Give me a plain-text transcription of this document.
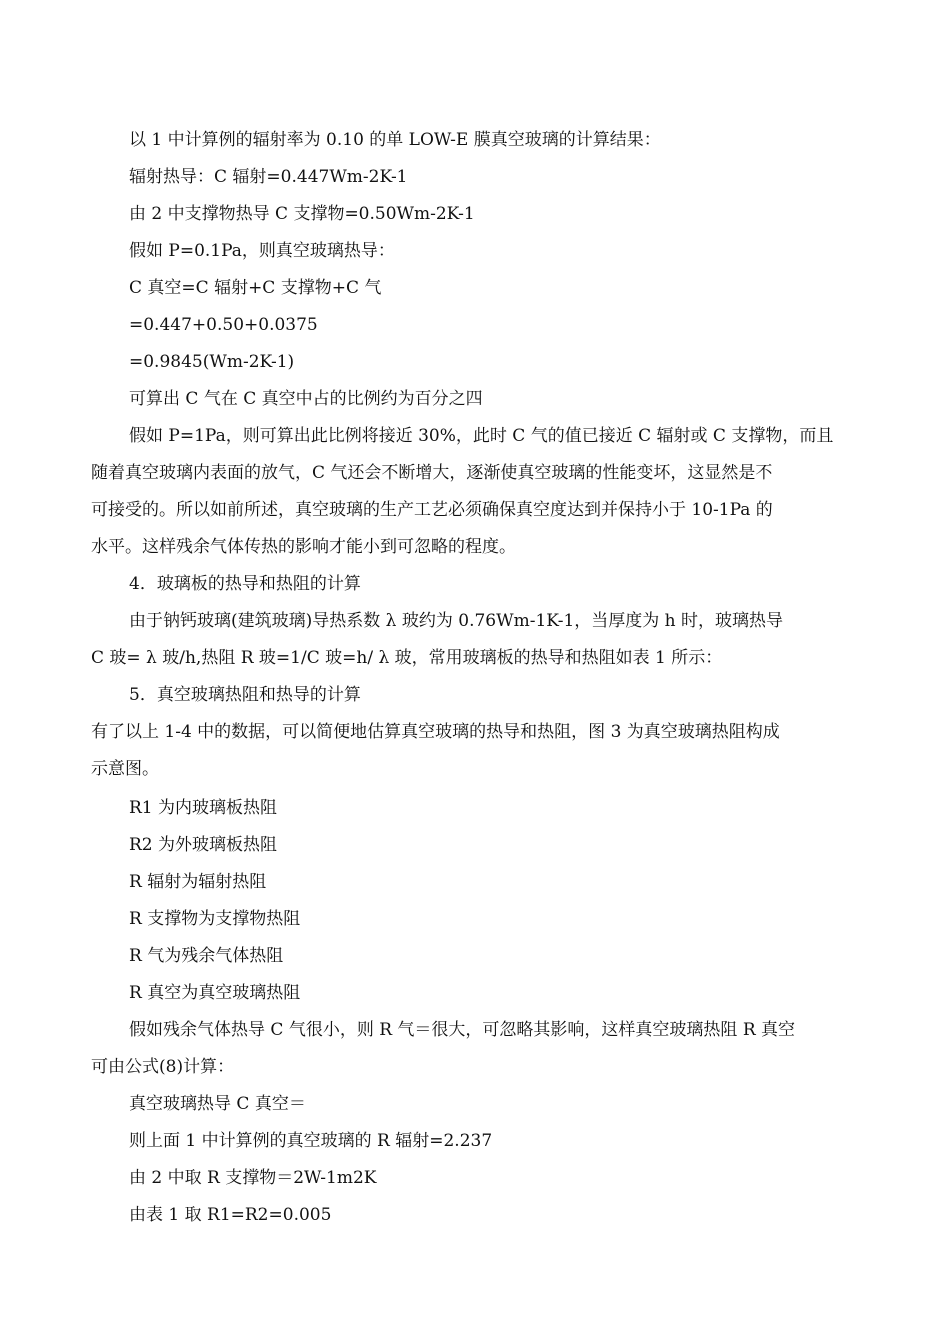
以 1 中计算例的辐射率为 0.10 的单 LOW-E 膜真空玻璃的计算结果：

辐射热导：C 辐射=0.447Wm-2K-1

由 2 中支撑物热导 C 支撑物=0.50Wm-2K-1

假如 P=0.1Pa，则真空玻璃热导：

C 真空=C 辐射+C 支撑物+C 气

=0.447+0.50+0.0375

=0.9845(Wm-2K-1)

可算出 C 气在 C 真空中占的比例约为百分之四

假如 P=1Pa，则可算出此比例将接近 30%，此时 C 气的值已接近 C 辐射或 C 支撑物，而且

随着真空玻璃内表面的放气，C 气还会不断增大，逐渐使真空玻璃的性能变坏，这显然是不

可接受的。所以如前所述，真空玻璃的生产工艺必须确保真空度达到并保持小于 10-1Pa 的

水平。这样残余气体传热的影响才能小到可忽略的程度。

4．玻璃板的热导和热阻的计算

由于钠钙玻璃(建筑玻璃)导热系数 λ 玻约为 0.76Wm-1K-1，当厚度为 h 时，玻璃热导

C 玻= λ 玻/h,热阻 R 玻=1/C 玻=h/ λ 玻，常用玻璃板的热导和热阻如表 1 所示：

5．真空玻璃热阻和热导的计算

有了以上 1-4 中的数据，可以简便地估算真空玻璃的热导和热阻，图 3 为真空玻璃热阻构成

示意图。

R1 为内玻璃板热阻

R2 为外玻璃板热阻

R 辐射为辐射热阻

R 支撑物为支撑物热阻

R 气为残余气体热阻

R 真空为真空玻璃热阻

假如残余气体热导 C 气很小，则 R 气＝很大，可忽略其影响，这样真空玻璃热阻 R 真空

可由公式(8)计算：

真空玻璃热导 C 真空＝

则上面 1 中计算例的真空玻璃的 R 辐射=2.237

由 2 中取 R 支撑物＝2W-1m2K

由表 1 取 R1=R2=0.005
